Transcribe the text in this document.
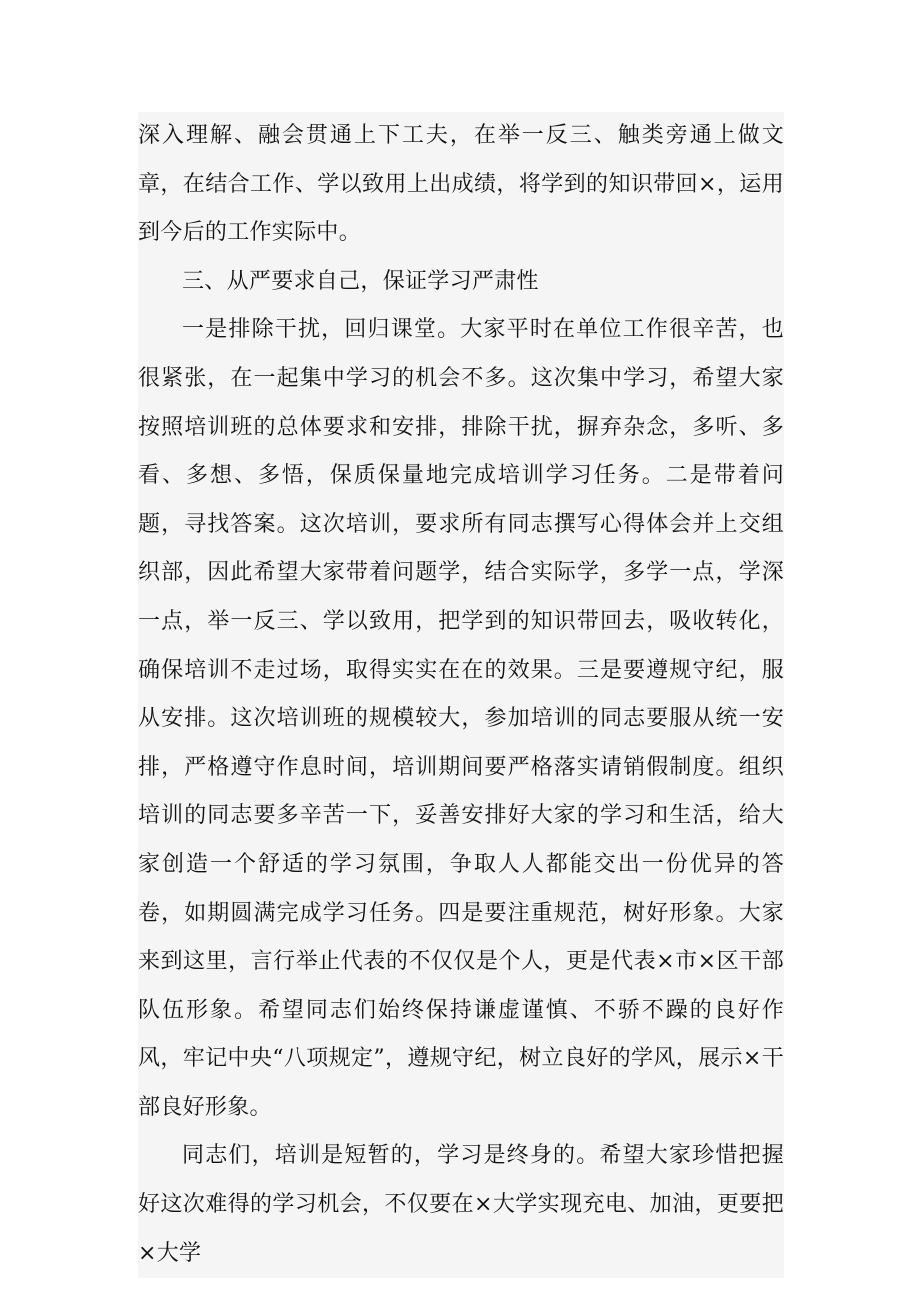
深入理解、融会贯通上下工夫，在举一反三、触类旁通上做文章，在结合工作、学以致用上出成绩，将学到的知识带回×，运用到今后的工作实际中。

三、从严要求自己，保证学习严肃性

一是排除干扰，回归课堂。大家平时在单位工作很辛苦，也很紧张，在一起集中学习的机会不多。这次集中学习，希望大家按照培训班的总体要求和安排，排除干扰，摒弃杂念，多听、多看、多想、多悟，保质保量地完成培训学习任务。二是带着问题，寻找答案。这次培训，要求所有同志撰写心得体会并上交组织部，因此希望大家带着问题学，结合实际学，多学一点，学深一点，举一反三、学以致用，把学到的知识带回去，吸收转化，确保培训不走过场，取得实实在在的效果。三是要遵规守纪，服从安排。这次培训班的规模较大，参加培训的同志要服从统一安排，严格遵守作息时间，培训期间要严格落实请销假制度。组织培训的同志要多辛苦一下，妥善安排好大家的学习和生活，给大家创造一个舒适的学习氛围，争取人人都能交出一份优异的答卷，如期圆满完成学习任务。四是要注重规范，树好形象。大家来到这里，言行举止代表的不仅仅是个人，更是代表×市×区干部队伍形象。希望同志们始终保持谦虚谨慎、不骄不躁的良好作风，牢记中央“八项规定”，遵规守纪，树立良好的学风，展示×干部良好形象。

同志们，培训是短暂的，学习是终身的。希望大家珍惜把握好这次难得的学习机会，不仅要在×大学实现充电、加油，更要把×大学
